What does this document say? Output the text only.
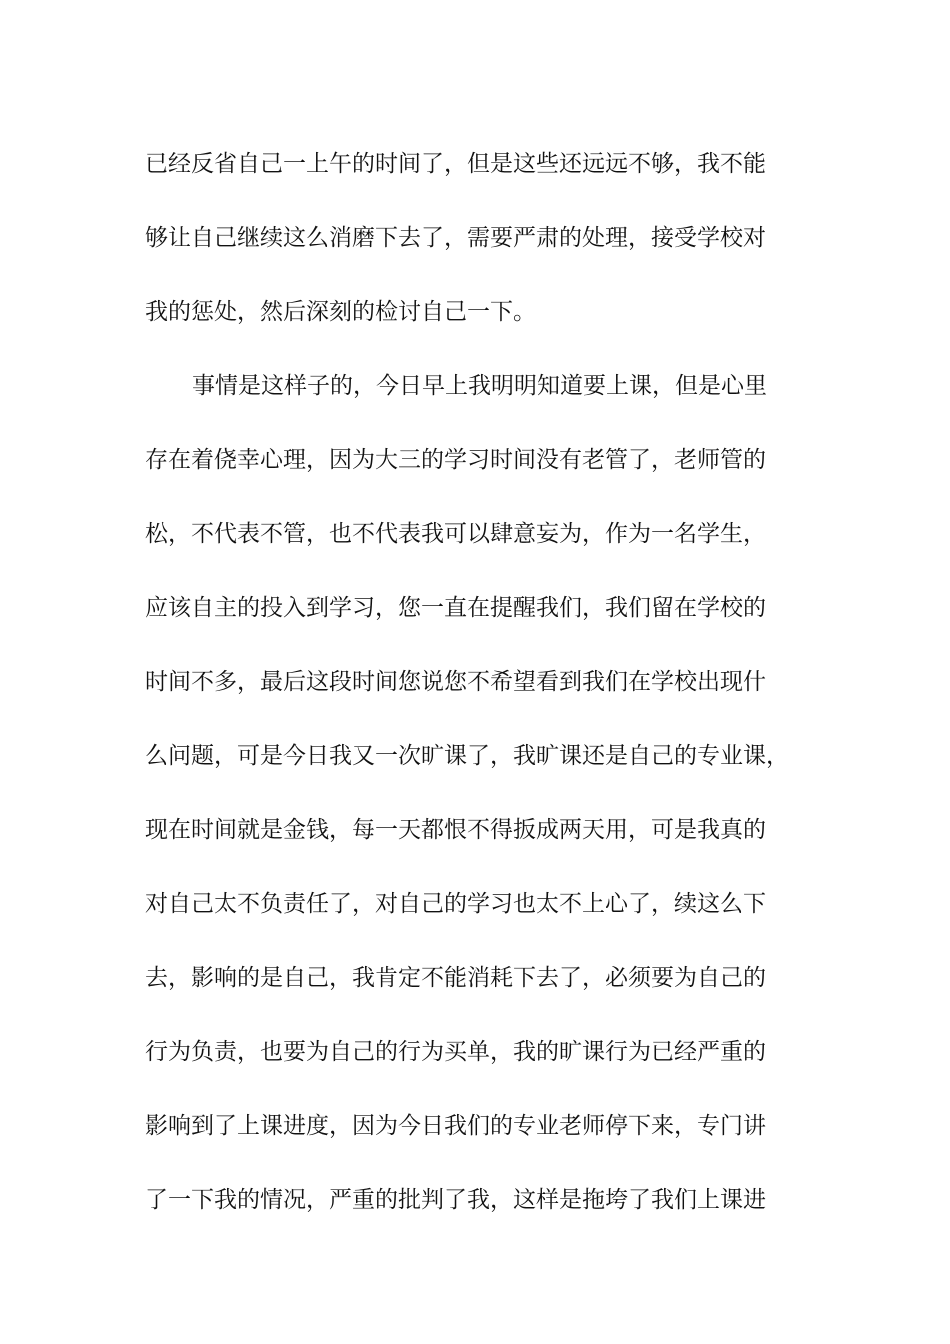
已经反省自己一上午的时间了，但是这些还远远不够，我不能
够让自己继续这么消磨下去了，需要严肃的处理，接受学校对
我的惩处，然后深刻的检讨自己一下。
事情是这样子的，今日早上我明明知道要上课，但是心里
存在着侥幸心理，因为大三的学习时间没有老管了，老师管的
松，不代表不管，也不代表我可以肆意妄为，作为一名学生，
应该自主的投入到学习，您一直在提醒我们，我们留在学校的
时间不多，最后这段时间您说您不希望看到我们在学校出现什
么问题，可是今日我又一次旷课了，我旷课还是自己的专业课，
现在时间就是金钱，每一天都恨不得扳成两天用，可是我真的
对自己太不负责任了，对自己的学习也太不上心了，续这么下
去，影响的是自己，我肯定不能消耗下去了，必须要为自己的
行为负责，也要为自己的行为买单，我的旷课行为已经严重的
影响到了上课进度，因为今日我们的专业老师停下来，专门讲
了一下我的情况，严重的批判了我，这样是拖垮了我们上课进
